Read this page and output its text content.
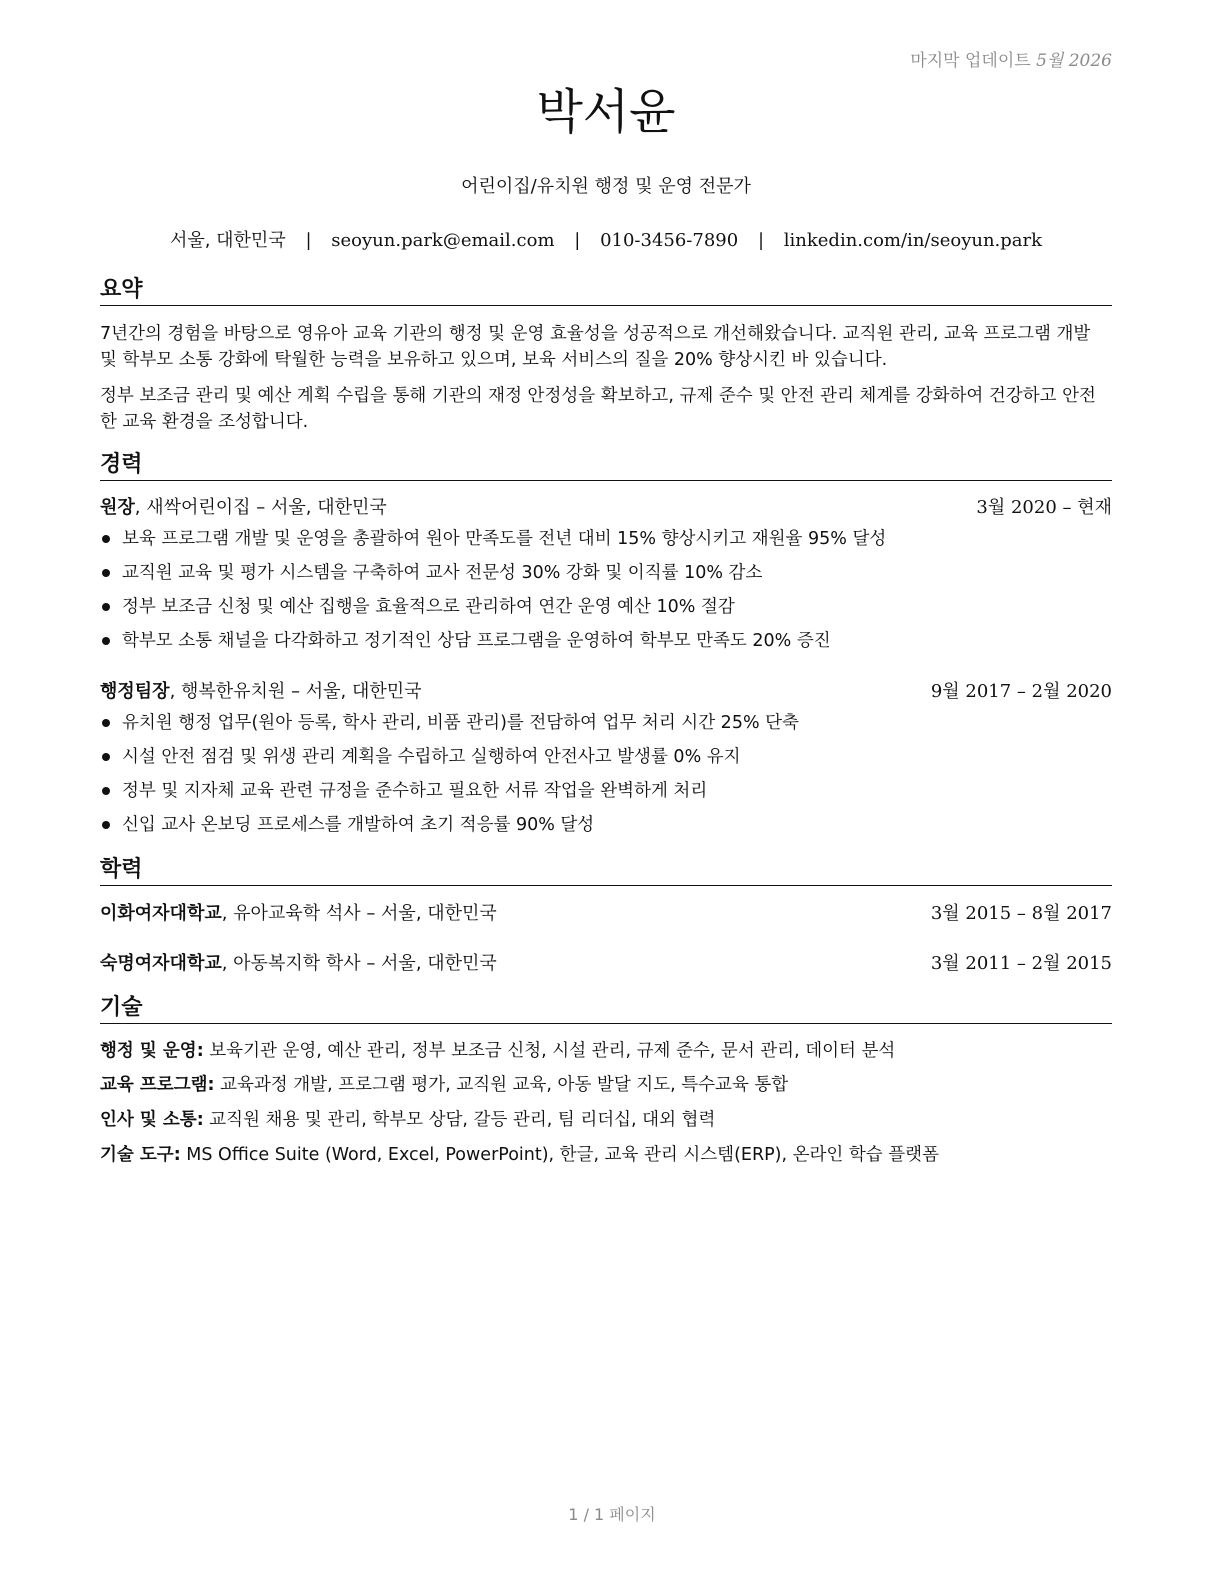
마지막 업데이트 5월 2026
박서윤
어린이집/유치원 행정 및 운영 전문가
서울, 대한민국 | seoyun.park@email.com | 010-3456-7890 | linkedin.com/in/seoyun.park
요약
7년간의 경험을 바탕으로 영유아 교육 기관의 행정 및 운영 효율성을 성공적으로 개선해왔습니다. 교직원 관리, 교육 프로그램 개발 및 학부모 소통 강화에 탁월한 능력을 보유하고 있으며, 보육 서비스의 질을 20% 향상시킨 바 있습니다.
정부 보조금 관리 및 예산 계획 수립을 통해 기관의 재정 안정성을 확보하고, 규제 준수 및 안전 관리 체계를 강화하여 건강하고 안전한 교육 환경을 조성합니다.
경력
원장, 새싹어린이집 – 서울, 대한민국	3월 2020 – 현재
보육 프로그램 개발 및 운영을 총괄하여 원아 만족도를 전년 대비 15% 향상시키고 재원율 95% 달성
교직원 교육 및 평가 시스템을 구축하여 교사 전문성 30% 강화 및 이직률 10% 감소
정부 보조금 신청 및 예산 집행을 효율적으로 관리하여 연간 운영 예산 10% 절감
학부모 소통 채널을 다각화하고 정기적인 상담 프로그램을 운영하여 학부모 만족도 20% 증진
행정팀장, 행복한유치원 – 서울, 대한민국	9월 2017 – 2월 2020
유치원 행정 업무(원아 등록, 학사 관리, 비품 관리)를 전담하여 업무 처리 시간 25% 단축
시설 안전 점검 및 위생 관리 계획을 수립하고 실행하여 안전사고 발생률 0% 유지
정부 및 지자체 교육 관련 규정을 준수하고 필요한 서류 작업을 완벽하게 처리
신입 교사 온보딩 프로세스를 개발하여 초기 적응률 90% 달성
학력
이화여자대학교, 유아교육학 석사 – 서울, 대한민국	3월 2015 – 8월 2017
숙명여자대학교, 아동복지학 학사 – 서울, 대한민국	3월 2011 – 2월 2015
기술
행정 및 운영: 보육기관 운영, 예산 관리, 정부 보조금 신청, 시설 관리, 규제 준수, 문서 관리, 데이터 분석
교육 프로그램: 교육과정 개발, 프로그램 평가, 교직원 교육, 아동 발달 지도, 특수교육 통합
인사 및 소통: 교직원 채용 및 관리, 학부모 상담, 갈등 관리, 팀 리더십, 대외 협력
기술 도구: MS Office Suite (Word, Excel, PowerPoint), 한글, 교육 관리 시스템(ERP), 온라인 학습 플랫폼
1 / 1 페이지
